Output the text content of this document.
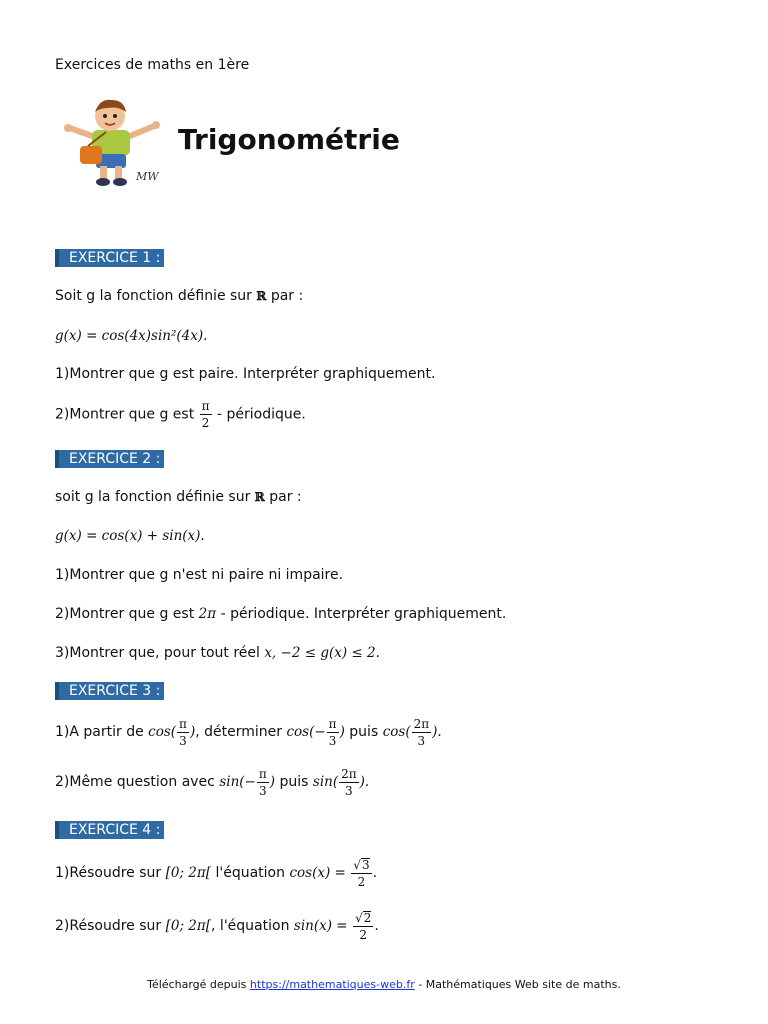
Exercices de maths en 1ère
MW
Trigonométrie
EXERCICE 1 :
Soit g la fonction définie sur ℝ par :
g(x) = cos(4x)sin²(4x).
1)Montrer que g est paire. Interpréter graphiquement.
2)Montrer que g est $\frac{\pi}{2}$ - périodique.
EXERCICE 2 :
soit g la fonction définie sur ℝ par :
g(x) = cos(x) + sin(x).
1)Montrer que g n'est ni paire ni impaire.
2)Montrer que g est 2π - périodique. Interpréter graphiquement.
3)Montrer que, pour tout réel x, −2 ≤ g(x) ≤ 2.
EXERCICE 3 :
1)A partir de $\cos( \frac{\pi}{3}$ ), déterminer $\cos(- \frac{\pi}{3}$ ) puis $\cos( \frac{2\pi}{3}$ ).
2)Même question avec $\sin(- \frac{\pi}{3}$ ) puis $\sin( \frac{2\pi}{3}$ ).
EXERCICE 4 :
1)Résoudre sur [0; 2π[ l'équation $\cos(x) = \frac{√3}{2}$ .
2)Résoudre sur [0; 2π[, l'équation $\sin(x) = \frac{√2}{2}$ .
Téléchargé depuis https://mathematiques-web.fr - Mathématiques Web site de maths.
